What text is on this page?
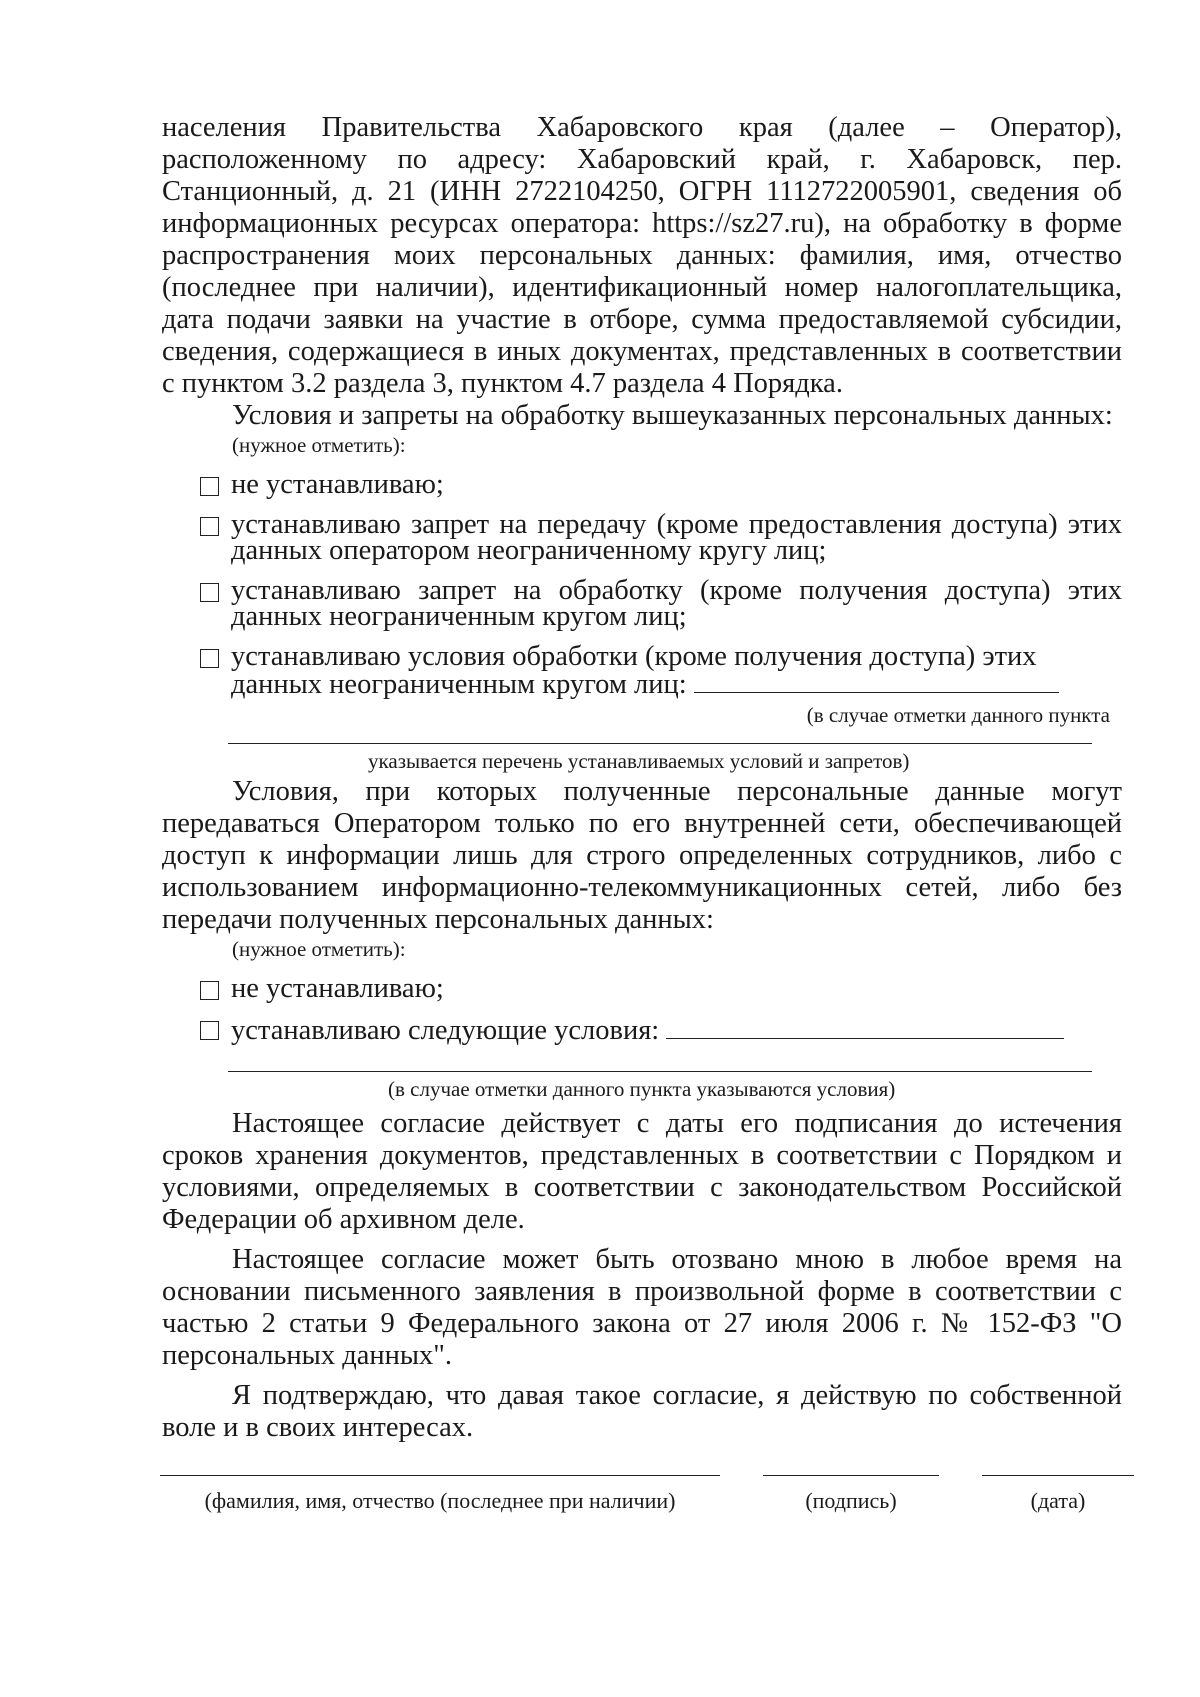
населения Правительства Хабаровского края (далее – Оператор), расположенному по адресу: Хабаровский край, г. Хабаровск, пер. Станционный, д. 21 (ИНН 2722104250, ОГРН 1112722005901, сведения об информационных ресурсах оператора: https://sz27.ru), на обработку в форме распространения моих персональных данных: фамилия, имя, отчество (последнее при наличии), идентификационный номер налогоплательщика, дата подачи заявки на участие в отборе, сумма предоставляемой субсидии, сведения, содержащиеся в иных документах, представленных в соответствии с пунктом 3.2 раздела 3, пунктом 4.7 раздела 4 Порядка.

Условия и запреты на обработку вышеуказанных персональных данных:

(нужное отметить):

не устанавливаю;
устанавливаю запрет на передачу (кроме предоставления доступа) этих данных оператором неограниченному кругу лиц;
устанавливаю запрет на обработку (кроме получения доступа) этих данных неограниченным кругом лиц;
устанавливаю условия обработки (кроме получения доступа) этих данных неограниченным кругом лиц:

(в случае отметки данного пункта

указывается перечень устанавливаемых условий и запретов)

Условия, при которых полученные персональные данные могут передаваться Оператором только по его внутренней сети, обеспечивающей доступ к информации лишь для строго определенных сотрудников, либо с использованием информационно-телекоммуникационных сетей, либо без передачи полученных персональных данных:

(нужное отметить):

не устанавливаю;
устанавливаю следующие условия:

(в случае отметки данного пункта указываются условия)

Настоящее согласие действует с даты его подписания до истечения сроков хранения документов, представленных в соответствии с Порядком и условиями, определяемых в соответствии с законодательством Российской Федерации об архивном деле.

Настоящее согласие может быть отозвано мною в любое время на основании письменного заявления в произвольной форме в соответствии с частью 2 статьи 9 Федерального закона от 27 июля 2006 г. № 152-ФЗ "О персональных данных".

Я подтверждаю, что давая такое согласие, я действую по собственной воле и в своих интересах.

(фамилия, имя, отчество (последнее при наличии)	(подпись)	(дата)
